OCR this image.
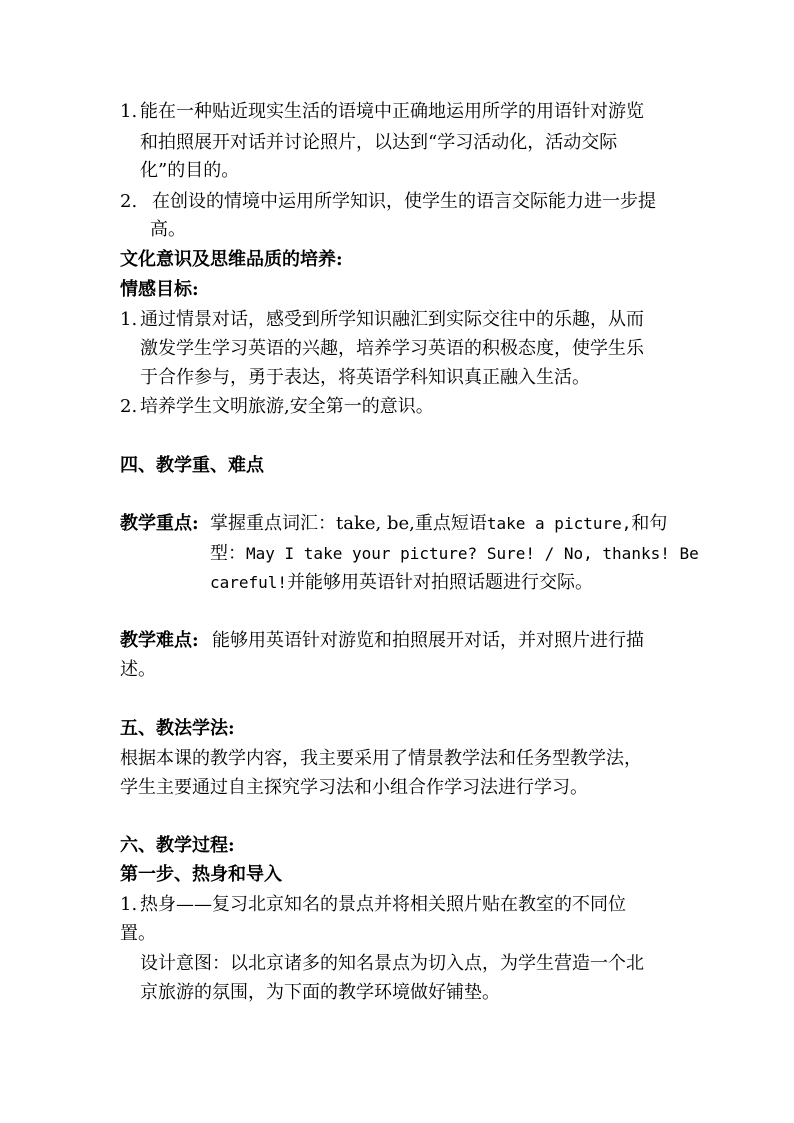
1. 能在一种贴近现实生活的语境中正确地运用所学的用语针对游览
和拍照展开对话并讨论照片，以达到“学习活动化，活动交际
化”的目的。
2. 在创设的情境中运用所学知识，使学生的语言交际能力进一步提
高。
文化意识及思维品质的培养:
情感目标:
1. 通过情景对话，感受到所学知识融汇到实际交往中的乐趣，从而
激发学生学习英语的兴趣，培养学习英语的积极态度，使学生乐
于合作参与，勇于表达，将英语学科知识真正融入生活。
2. 培养学生文明旅游,安全第一的意识。
四、教学重、难点
教学重点: 掌握重点词汇：take, be,重点短语take a picture,和句
型：May I take your picture? Sure! / No, thanks! Be
careful!并能够用英语针对拍照话题进行交际。
教学难点: 能够用英语针对游览和拍照展开对话，并对照片进行描
述。
五、教法学法:
根据本课的教学内容，我主要采用了情景教学法和任务型教学法，
学生主要通过自主探究学习法和小组合作学习法进行学习。
六、教学过程:
第一步、热身和导入
1. 热身——复习北京知名的景点并将相关照片贴在教室的不同位
置。
设计意图：以北京诸多的知名景点为切入点，为学生营造一个北
京旅游的氛围，为下面的教学环境做好铺垫。
